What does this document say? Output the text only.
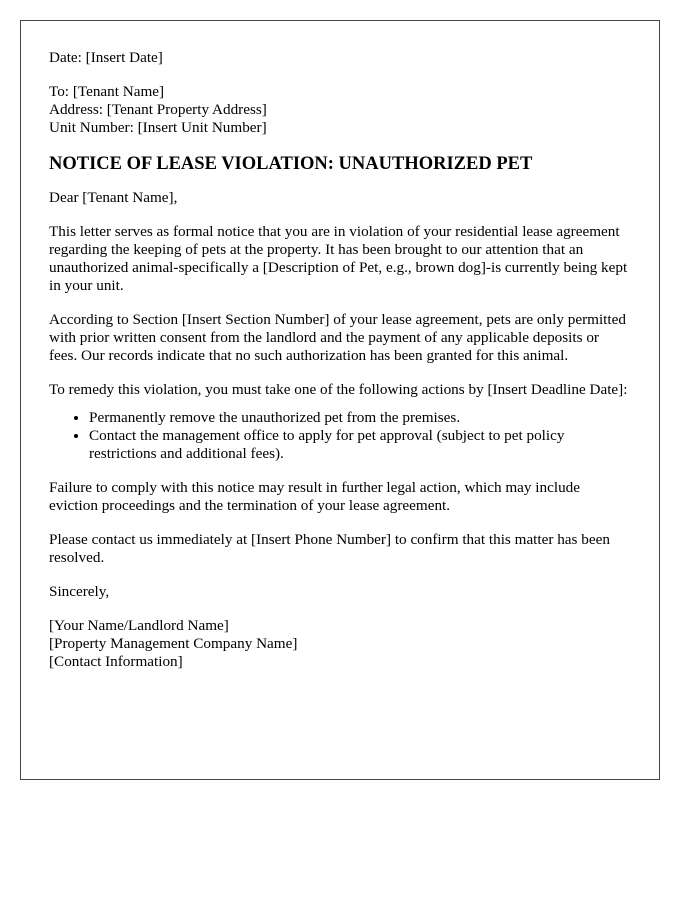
Date: [Insert Date]
To: [Tenant Name]
Address: [Tenant Property Address]
Unit Number: [Insert Unit Number]
NOTICE OF LEASE VIOLATION: UNAUTHORIZED PET
Dear [Tenant Name],

This letter serves as formal notice that you are in violation of your residential lease agreement regarding the keeping of pets at the property. It has been brought to our attention that an unauthorized animal-specifically a [Description of Pet, e.g., brown dog]-is currently being kept in your unit.

According to Section [Insert Section Number] of your lease agreement, pets are only permitted with prior written consent from the landlord and the payment of any applicable deposits or fees. Our records indicate that no such authorization has been granted for this animal.

To remedy this violation, you must take one of the following actions by [Insert Deadline Date]:

• Permanently remove the unauthorized pet from the premises.
• Contact the management office to apply for pet approval (subject to pet policy restrictions and additional fees).

Failure to comply with this notice may result in further legal action, which may include eviction proceedings and the termination of your lease agreement.

Please contact us immediately at [Insert Phone Number] to confirm that this matter has been resolved.

Sincerely,
[Your Name/Landlord Name]
[Property Management Company Name]
[Contact Information]
